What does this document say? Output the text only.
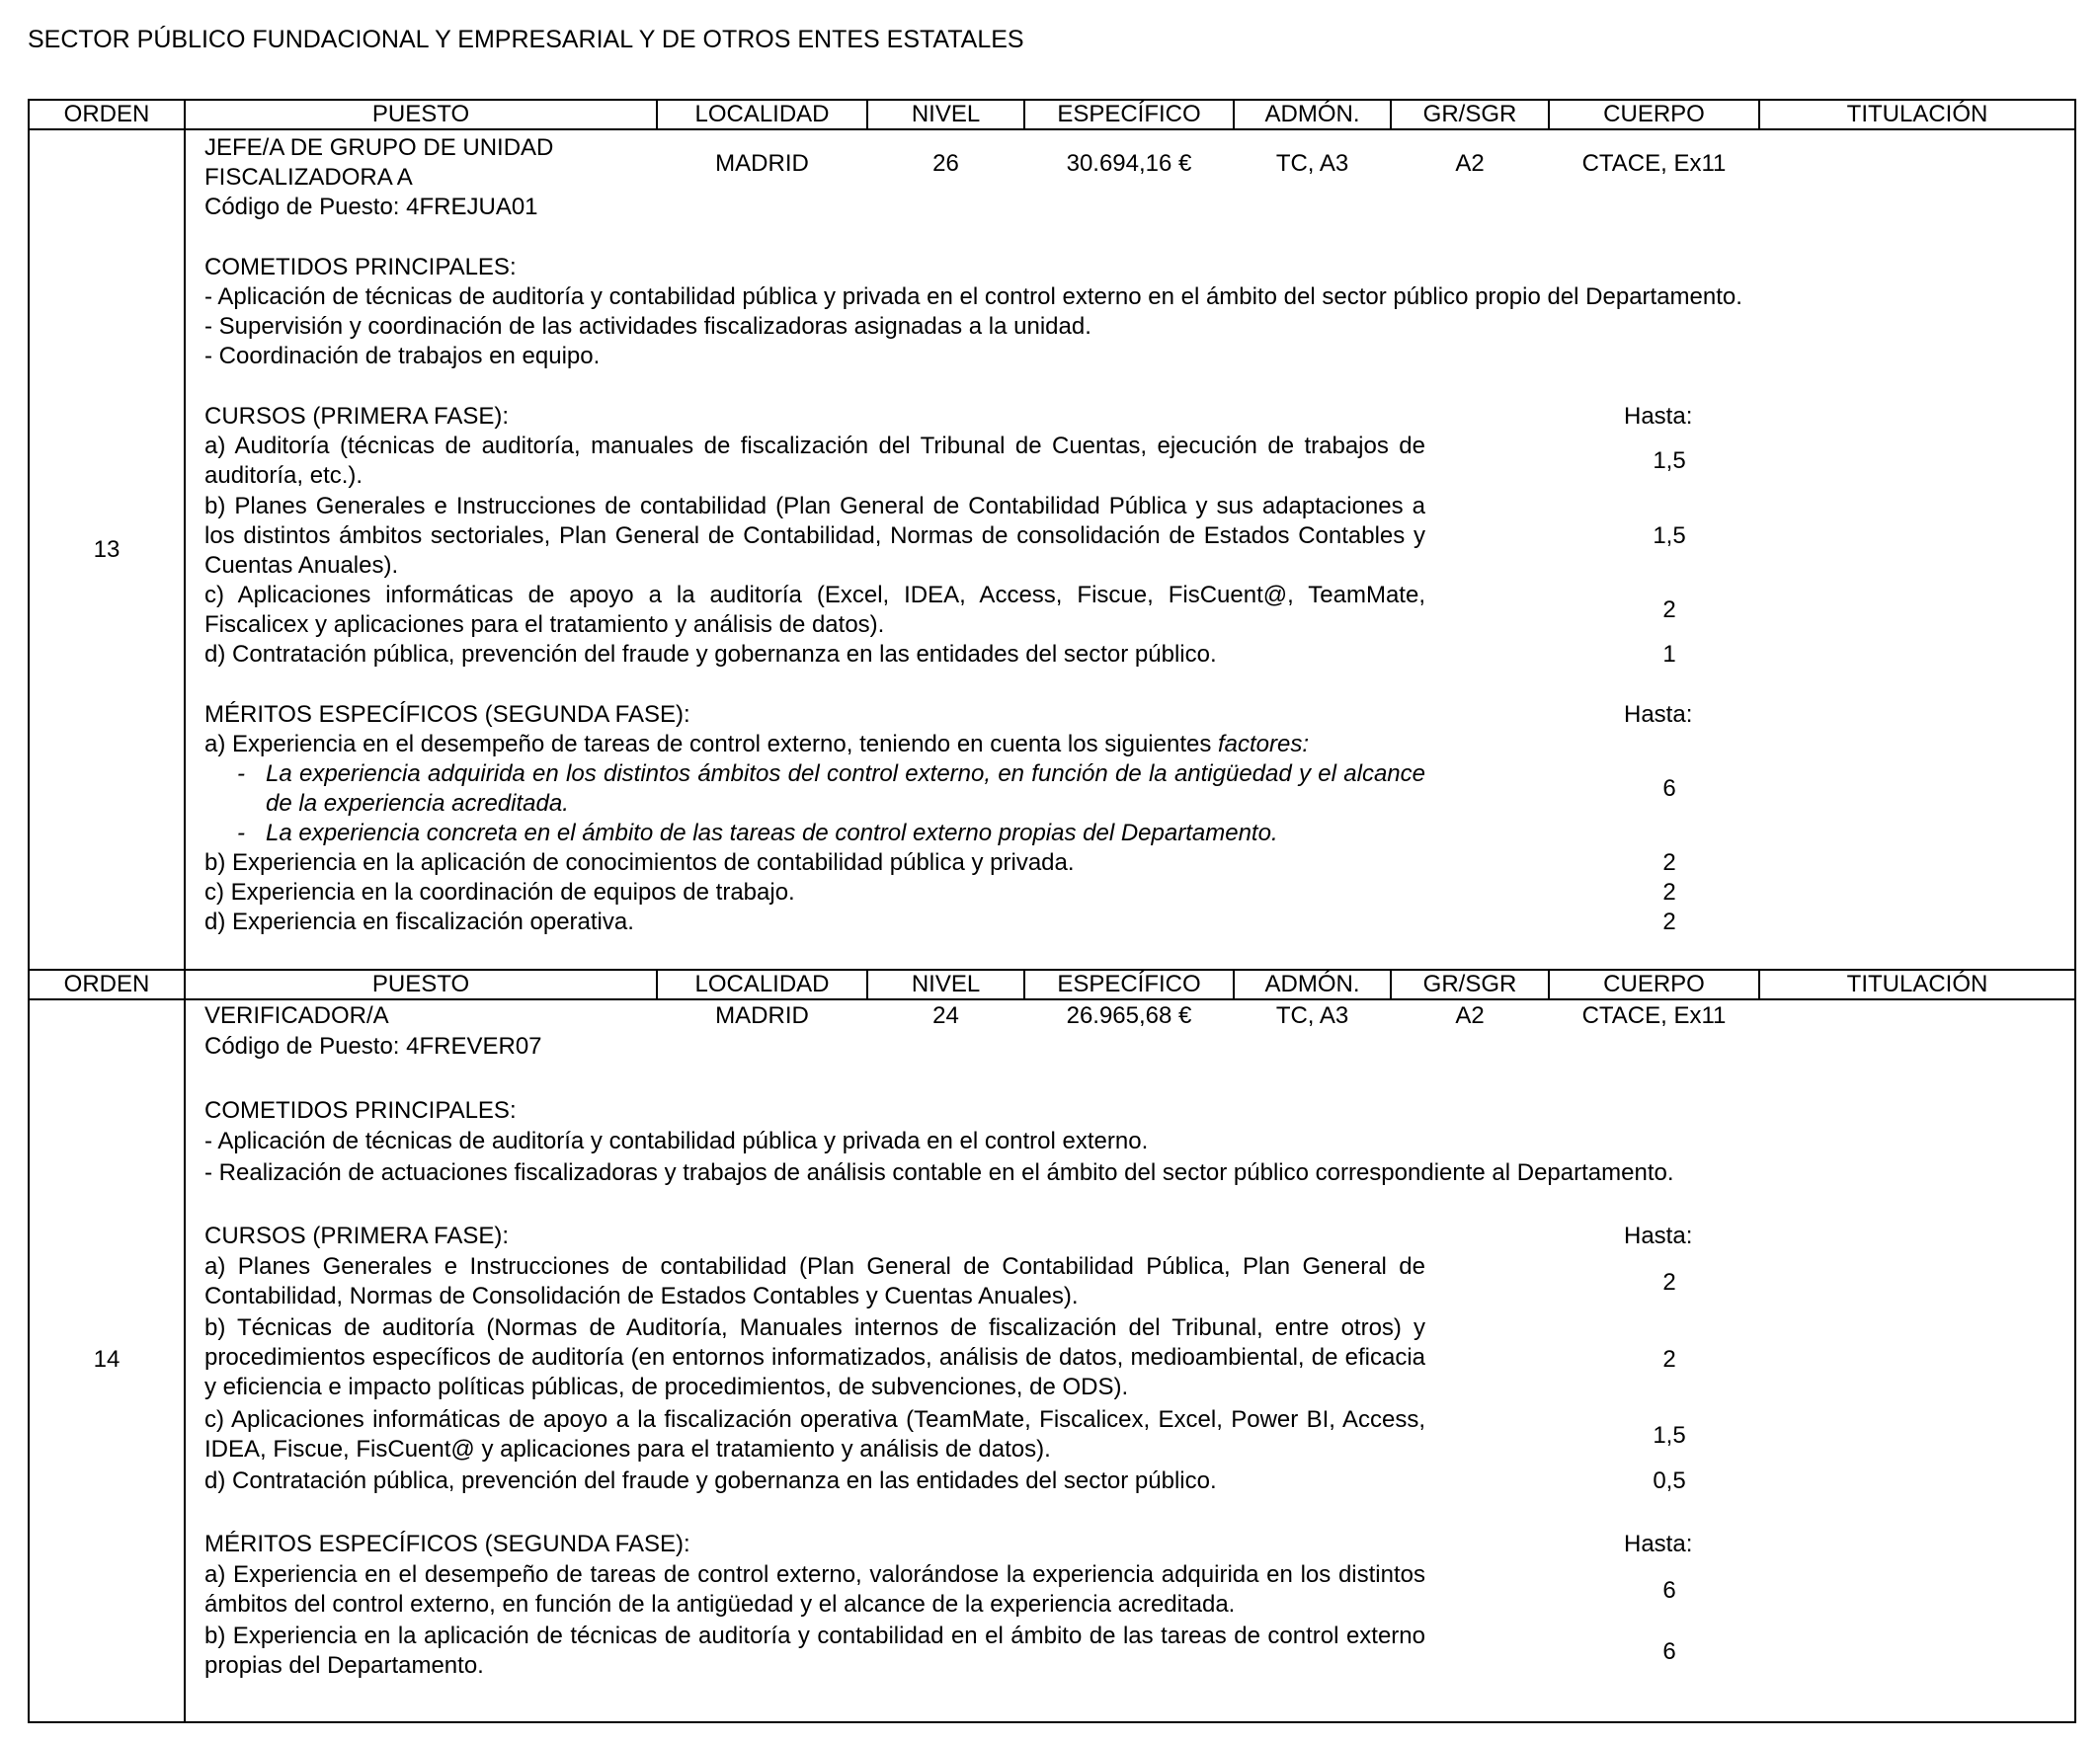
SECTOR PÚBLICO FUNDACIONAL Y EMPRESARIAL Y DE OTROS ENTES ESTATALES
ORDEN	PUESTO	LOCALIDAD	NIVEL	ESPECÍFICO	ADMÓN.	GR/SGR	CUERPO	TITULACIÓN
13
JEFE/A DE GRUPO DE UNIDAD
FISCALIZADORA A
Código de Puesto: 4FREJUA01
MADRID	26	30.694,16 €	TC, A3	A2	CTACE, Ex11
COMETIDOS PRINCIPALES:
- Aplicación de técnicas de auditoría y contabilidad pública y privada en el control externo en el ámbito del sector público propio del Departamento.
- Supervisión y coordinación de las actividades fiscalizadoras asignadas a la unidad.
- Coordinación de trabajos en equipo.
CURSOS (PRIMERA FASE):	Hasta:
a) Auditoría (técnicas de auditoría, manuales de fiscalización del Tribunal de Cuentas, ejecución de trabajos de auditoría, etc.).
1,5
b) Planes Generales e Instrucciones de contabilidad (Plan General de Contabilidad Pública y sus adaptaciones a los distintos ámbitos sectoriales, Plan General de Contabilidad, Normas de consolidación de Estados Contables y Cuentas Anuales).
1,5
c) Aplicaciones informáticas de apoyo a la auditoría (Excel, IDEA, Access, Fiscue, FisCuent@, TeamMate, Fiscalicex y aplicaciones para el tratamiento y análisis de datos).
2
d) Contratación pública, prevención del fraude y gobernanza en las entidades del sector público.	1
MÉRITOS ESPECÍFICOS (SEGUNDA FASE):	Hasta:
a) Experiencia en el desempeño de tareas de control externo, teniendo en cuenta los siguientes factores:
- La experiencia adquirida en los distintos ámbitos del control externo, en función de la antigüedad y el alcance de la experiencia acreditada.
- La experiencia concreta en el ámbito de las tareas de control externo propias del Departamento.
6
b) Experiencia en la aplicación de conocimientos de contabilidad pública y privada.	2
c) Experiencia en la coordinación de equipos de trabajo.	2
d) Experiencia en fiscalización operativa.	2
ORDEN	PUESTO	LOCALIDAD	NIVEL	ESPECÍFICO	ADMÓN.	GR/SGR	CUERPO	TITULACIÓN
14
VERIFICADOR/A
Código de Puesto: 4FREVER07
MADRID	24	26.965,68 €	TC, A3	A2	CTACE, Ex11
COMETIDOS PRINCIPALES:
- Aplicación de técnicas de auditoría y contabilidad pública y privada en el control externo.
- Realización de actuaciones fiscalizadoras y trabajos de análisis contable en el ámbito del sector público correspondiente al Departamento.
CURSOS (PRIMERA FASE):	Hasta:
a) Planes Generales e Instrucciones de contabilidad (Plan General de Contabilidad Pública, Plan General de Contabilidad, Normas de Consolidación de Estados Contables y Cuentas Anuales).
2
b) Técnicas de auditoría (Normas de Auditoría, Manuales internos de fiscalización del Tribunal, entre otros) y procedimientos específicos de auditoría (en entornos informatizados, análisis de datos, medioambiental, de eficacia y eficiencia e impacto políticas públicas, de procedimientos, de subvenciones, de ODS).
2
c) Aplicaciones informáticas de apoyo a la fiscalización operativa (TeamMate, Fiscalicex, Excel, Power BI, Access, IDEA, Fiscue, FisCuent@ y aplicaciones para el tratamiento y análisis de datos).
1,5
d) Contratación pública, prevención del fraude y gobernanza en las entidades del sector público.	0,5
MÉRITOS ESPECÍFICOS (SEGUNDA FASE):	Hasta:
a) Experiencia en el desempeño de tareas de control externo, valorándose la experiencia adquirida en los distintos ámbitos del control externo, en función de la antigüedad y el alcance de la experiencia acreditada.
6
b) Experiencia en la aplicación de técnicas de auditoría y contabilidad en el ámbito de las tareas de control externo propias del Departamento.
6
